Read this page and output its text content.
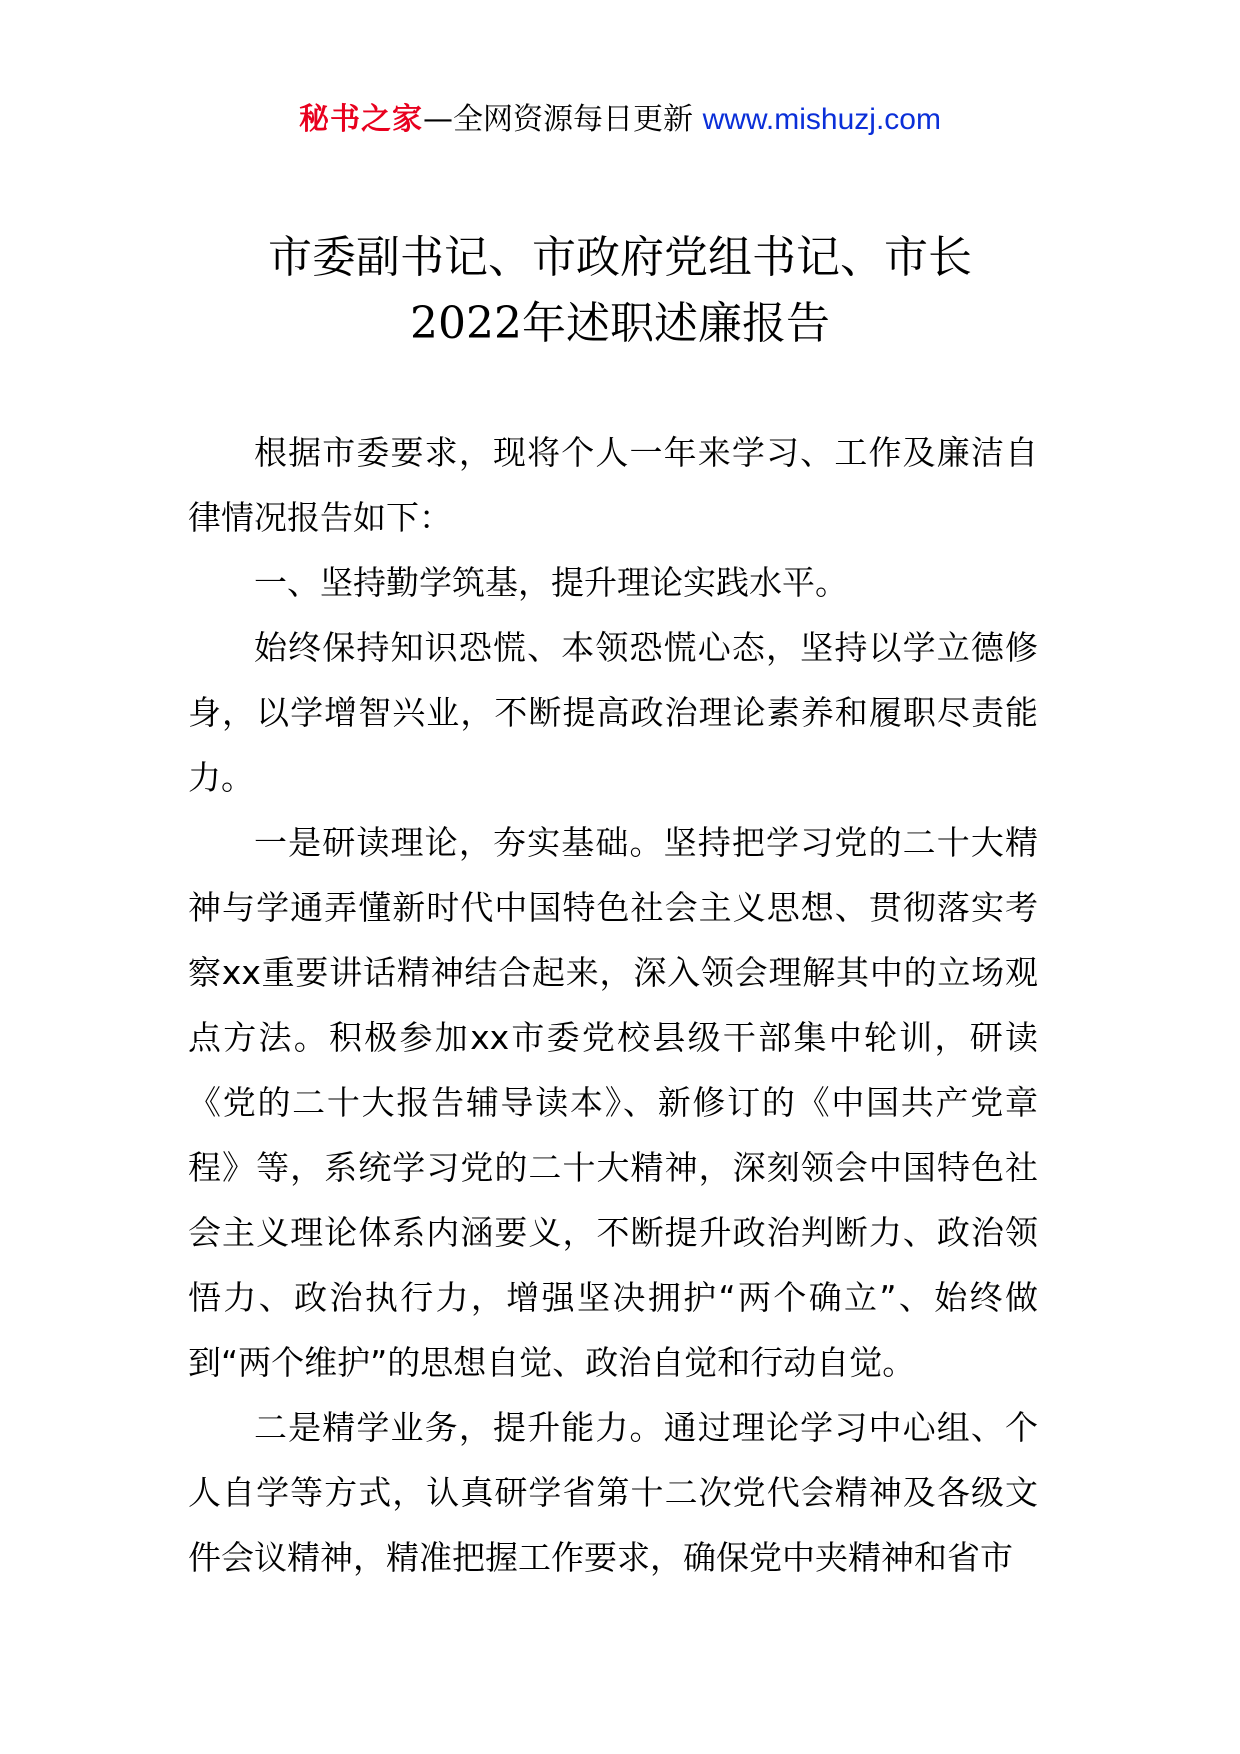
秘书之家—全网资源每日更新 www.mishuzj.com
市委副书记、市政府党组书记、市长
2022年述职述廉报告

根据市委要求，现将个人一年来学习、工作及廉洁自律情况报告如下：

一、坚持勤学筑基，提升理论实践水平。

始终保持知识恐慌、本领恐慌心态，坚持以学立德修身，以学增智兴业，不断提高政治理论素养和履职尽责能力。

一是研读理论，夯实基础。坚持把学习党的二十大精神与学通弄懂新时代中国特色社会主义思想、贯彻落实考察xx重要讲话精神结合起来，深入领会理解其中的立场观点方法。积极参加xx市委党校县级干部集中轮训，研读《党的二十大报告辅导读本》、新修订的《中国共产党章程》等，系统学习党的二十大精神，深刻领会中国特色社会主义理论体系内涵要义，不断提升政治判断力、政治领悟力、政治执行力，增强坚决拥护“两个确立”、始终做到“两个维护”的思想自觉、政治自觉和行动自觉。

二是精学业务，提升能力。通过理论学习中心组、个人自学等方式，认真研学省第十二次党代会精神及各级文件会议精神，精准把握工作要求，确保党中夹精神和省市
